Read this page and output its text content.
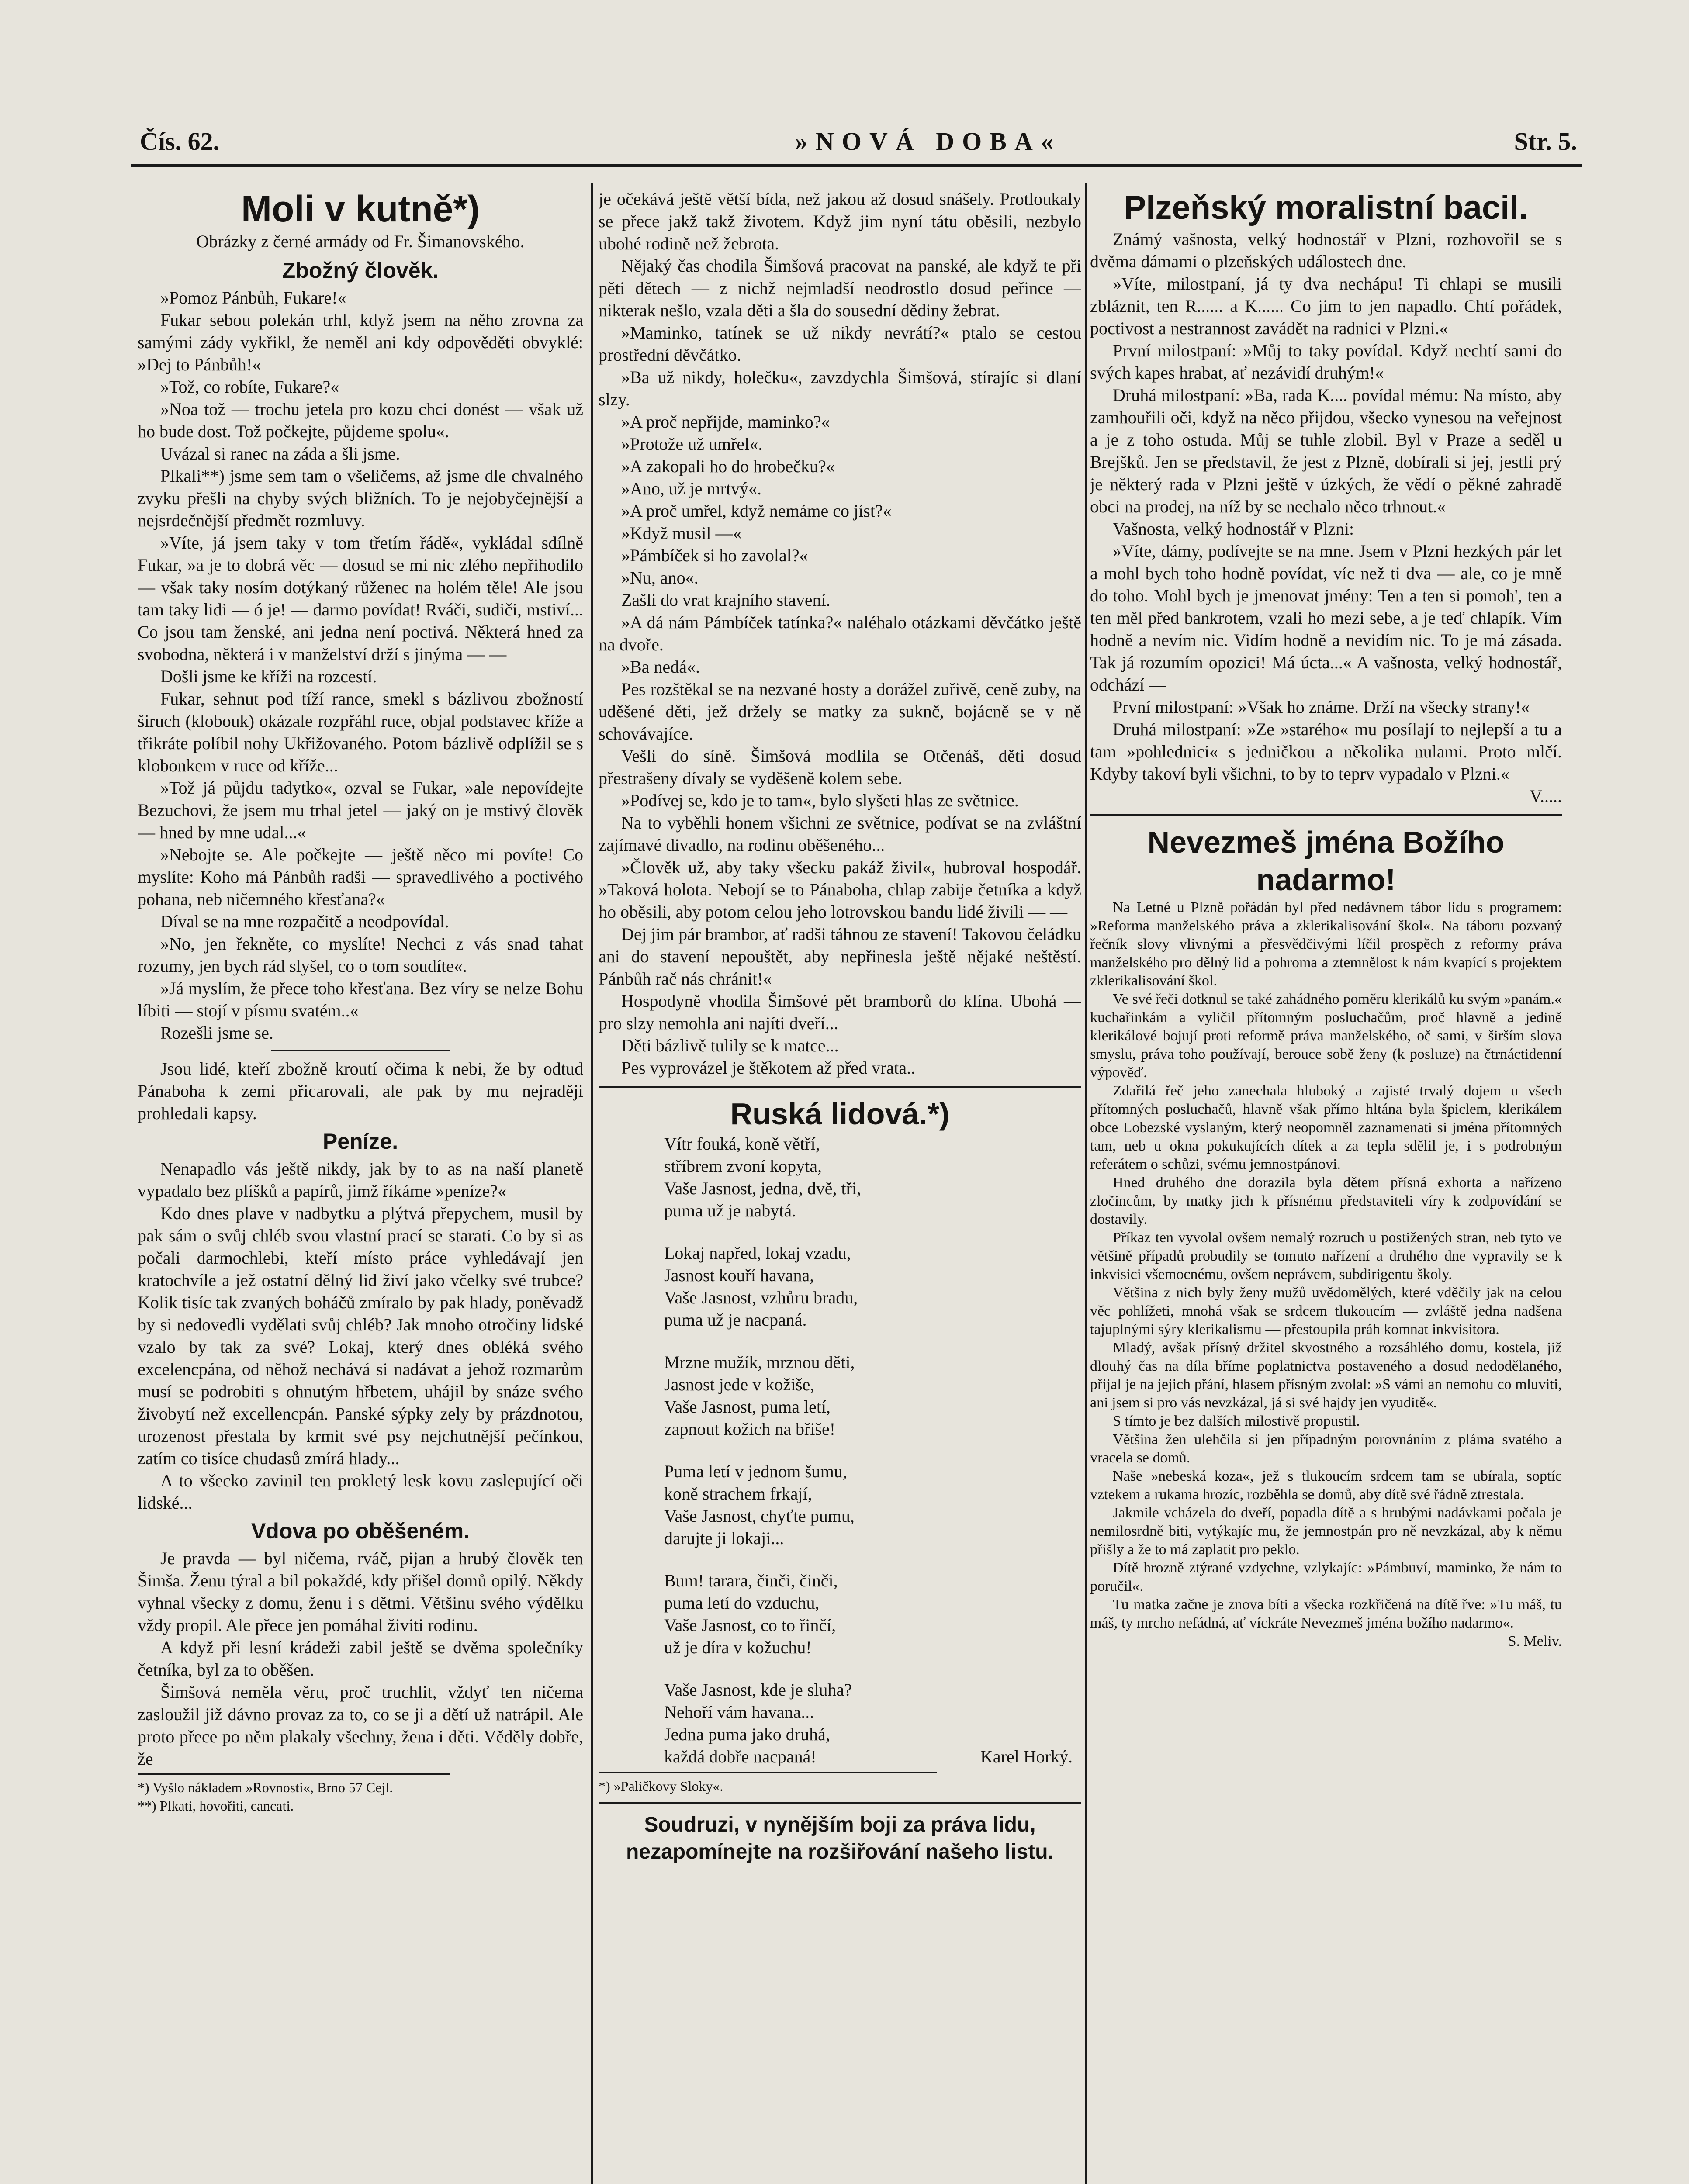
Čís. 62.	»NOVÁ DOBA«	Str. 5.
Moli v kutně*)
Obrázky z černé armády od Fr. Šimanovského.
Zbožný člověk.

»Pomoz Pánbůh, Fukare!«

Fukar sebou polekán trhl, když jsem na něho zrovna za samými zády vykřikl, že neměl ani kdy odpověděti obvyklé: »Dej to Pánbůh!«

»Tož, co robíte, Fukare?«

»Noa tož — trochu jetela pro kozu chci donést — však už ho bude dost. Tož počkejte, půjdeme spolu«.

Uvázal si ranec na záda a šli jsme.

Plkali**) jsme sem tam o všeličems, až jsme dle chvalného zvyku přešli na chyby svých bližních. To je nejobyčejnější a nejsrdečnější předmět rozmluvy.

»Víte, já jsem taky v tom třetím řádě«, vykládal sdílně Fukar, »a je to dobrá věc — dosud se mi nic zlého nepřihodilo — však taky nosím dotýkaný růženec na holém těle! Ale jsou tam taky lidi — ó je! — darmo povídat! Rváči, sudiči, mstiví... Co jsou tam ženské, ani jedna není poctivá. Některá hned za svobodna, některá i v manželství drží s jinýma — —

Došli jsme ke kříži na rozcestí.

Fukar, sehnut pod tíží rance, smekl s bázlivou zbožností širuch (klobouk) okázale rozpřáhl ruce, objal podstavec kříže a třikráte políbil nohy Ukřižovaného. Potom bázlivě odplížil se s klobonkem v ruce od kříže...

»Tož já půjdu tadytko«, ozval se Fukar, »ale nepovídejte Bezuchovi, že jsem mu trhal jetel — jaký on je mstivý člověk — hned by mne udal...«

»Nebojte se. Ale počkejte — ještě něco mi povíte! Co myslíte: Koho má Pánbůh radši — spravedlivého a poctivého pohana, neb ničemného křesťana?«

Díval se na mne rozpačitě a neodpovídal.

»No, jen řekněte, co myslíte! Nechci z vás snad tahat rozumy, jen bych rád slyšel, co o tom soudíte«.

»Já myslím, že přece toho křesťana. Bez víry se nelze Bohu líbiti — stojí v písmu svatém..«

Rozešli jsme se.

Jsou lidé, kteří zbožně kroutí očima k nebi, že by odtud Pánaboha k zemi přicarovali, ale pak by mu nejraději prohledali kapsy.

Peníze.

Nenapadlo vás ještě nikdy, jak by to as na naší planetě vypadalo bez plíšků a papírů, jimž říkáme »peníze?«

Kdo dnes plave v nadbytku a plýtvá přepychem, musil by pak sám o svůj chléb svou vlastní prací se starati. Co by si as počali darmochlebi, kteří místo práce vyhledávají jen kratochvíle a jež ostatní dělný lid živí jako včelky své trubce? Kolik tisíc tak zvaných boháčů zmíralo by pak hlady, poněvadž by si nedovedli vydělati svůj chléb? Jak mnoho otročiny lidské vzalo by tak za své? Lokaj, který dnes obléká svého excelencpána, od něhož nechává si nadávat a jehož rozmarům musí se podrobiti s ohnutým hřbetem, uhájil by snáze svého živobytí než excellencpán. Panské sýpky zely by prázdnotou, urozenost přestala by krmit své psy nejchutnější pečínkou, zatím co tisíce chudasů zmírá hlady...

A to všecko zavinil ten prokletý lesk kovu zaslepující oči lidské...

Vdova po oběšeném.

Je pravda — byl ničema, rváč, pijan a hrubý člověk ten Šimša. Ženu týral a bil pokaždé, kdy přišel domů opilý. Někdy vyhnal všecky z domu, ženu i s dětmi. Většinu svého výdělku vždy propil. Ale přece jen pomáhal živiti rodinu.

A když při lesní krádeži zabil ještě se dvěma společníky četníka, byl za to oběšen.

Šimšová neměla věru, proč truchlit, vždyť ten ničema zasloužil již dávno provaz za to, co se ji a dětí už natrápil. Ale proto přece po něm plakaly všechny, žena i děti. Věděly dobře, že

*) Vyšlo nákladem »Rovnosti«, Brno 57 Cejl.
**) Plkati, hovořiti, cancati.

je očekává ještě větší bída, než jakou až dosud snášely. Protloukaly se přece jakž takž životem. Když jim nyní tátu oběsili, nezbylo ubohé rodině než žebrota.

Nějaký čas chodila Šimšová pracovat na panské, ale když te při pěti dětech — z nichž nejmladší neodrostlo dosud peřince — nikterak nešlo, vzala děti a šla do sousední dědiny žebrat.

»Maminko, tatínek se už nikdy nevrátí?« ptalo se cestou prostřední děvčátko.

»Ba už nikdy, holečku«, zavzdychla Šimšová, stírajíc si dlaní slzy.

»A proč nepřijde, maminko?«

»Protože už umřel«.

»A zakopali ho do hrobečku?«

»Ano, už je mrtvý«.

»A proč umřel, když nemáme co jíst?«

»Když musil —«

»Pámbíček si ho zavolal?«

»Nu, ano«.

Zašli do vrat krajního stavení.

»A dá nám Pámbíček tatínka?« naléhalo otázkami děvčátko ještě na dvoře.

»Ba nedá«.

Pes rozštěkal se na nezvané hosty a dorážel zuřivě, ceně zuby, na uděšené děti, jež držely se matky za suknč, bojácně se v ně schovávajíce.

Vešli do síně. Šimšová modlila se Otčenáš, děti dosud přestrašeny dívaly se vyděšeně kolem sebe.

»Podívej se, kdo je to tam«, bylo slyšeti hlas ze světnice.

Na to vyběhli honem všichni ze světnice, podívat se na zvláštní zajímavé divadlo, na rodinu oběšeného...

»Člověk už, aby taky všecku pakáž živil«, hubroval hospodář. »Taková holota. Nebojí se to Pánaboha, chlap zabije četníka a když ho oběsili, aby potom celou jeho lotrovskou bandu lidé živili — —

Dej jim pár brambor, ať radši táhnou ze stavení! Takovou čeládku ani do stavení nepouštět, aby nepřinesla ještě nějaké neštěstí. Pánbůh rač nás chránit!«

Hospodyně vhodila Šimšové pět bramborů do klína. Ubohá — pro slzy nemohla ani najíti dveří...

Děti bázlivě tulily se k matce...

Pes vyprovázel je štěkotem až před vrata..

Ruská lidová.*)
Vítr fouká, koně větří,
stříbrem zvoní kopyta,
Vaše Jasnost, jedna, dvě, tři,
puma už je nabytá.
Lokaj napřed, lokaj vzadu,
Jasnost kouří havana,
Vaše Jasnost, vzhůru bradu,
puma už je nacpaná.
Mrzne mužík, mrznou děti,
Jasnost jede v kožiše,
Vaše Jasnost, puma letí,
zapnout kožich na břiše!
Puma letí v jednom šumu,
koně strachem frkají,
Vaše Jasnost, chyťte pumu,
darujte ji lokaji...
Bum! tarara, činči, činči,
puma letí do vzduchu,
Vaše Jasnost, co to řinčí,
už je díra v kožuchu!
Vaše Jasnost, kde je sluha?
Nehoří vám havana...
Jedna puma jako druhá,
každá dobře nacpaná!	Karel Horký.
*) »Paličkovy Sloky«.
Soudruzi, v nynějším boji za práva lidu, nezapomínejte na rozšiřování našeho listu.
Plzeňský moralistní bacil.

Známý vašnosta, velký hodnostář v Plzni, rozhovořil se s dvěma dámami o plzeňských událostech dne.

»Víte, milostpaní, já ty dva nechápu! Ti chlapi se musili zbláznit, ten R...... a K...... Co jim to jen napadlo. Chtí pořádek, poctivost a nestrannost zavádět na radnici v Plzni.«

První milostpaní: »Můj to taky povídal. Když nechtí sami do svých kapes hrabat, ať nezávidí druhým!«

Druhá milostpaní: »Ba, rada K.... povídal mému: Na místo, aby zamhouřili oči, když na něco přijdou, všecko vynesou na veřejnost a je z toho ostuda. Můj se tuhle zlobil. Byl v Praze a seděl u Brejšků. Jen se představil, že jest z Plzně, dobírali si jej, jestli prý je některý rada v Plzni ještě v úzkých, že vědí o pěkné zahradě obci na prodej, na níž by se nechalo něco trhnout.«

Vašnosta, velký hodnostář v Plzni:

»Víte, dámy, podívejte se na mne. Jsem v Plzni hezkých pár let a mohl bych toho hodně povídat, víc než ti dva — ale, co je mně do toho. Mohl bych je jmenovat jmény: Ten a ten si pomoh', ten a ten měl před bankrotem, vzali ho mezi sebe, a je teď chlapík. Vím hodně a nevím nic. Vidím hodně a nevidím nic. To je má zásada. Tak já rozumím opozici! Má úcta...« A vašnosta, velký hodnostář, odchází —

První milostpaní: »Však ho známe. Drží na všecky strany!«

Druhá milostpaní: »Ze »starého« mu posílají to nejlepší a tu a tam »pohlednici« s jedničkou a několika nulami. Proto mlčí. Kdyby takoví byli všichni, to by to teprv vypadalo v Plzni.«

V.....

Nevezmeš jména Božího nadarmo!

Na Letné u Plzně pořádán byl před nedávnem tábor lidu s programem: »Reforma manželského práva a zklerikalisování škol«. Na táboru pozvaný řečník slovy vlivnými a přesvědčivými líčil prospěch z reformy práva manželského pro dělný lid a pohroma a ztemnělost k nám kvapící s projektem zklerikalisování škol.

Ve své řeči dotknul se také zahádného poměru klerikálů ku svým »panám.« kuchařinkám a vyličil přítomným posluchačům, proč hlavně a jedině klerikálové bojují proti reformě práva manželského, oč sami, v širším slova smyslu, práva toho používají, berouce sobě ženy (k posluze) na čtrnáctidenní výpověď.

Zdařilá řeč jeho zanechala hluboký a zajisté trvalý dojem u všech přítomných posluchačů, hlavně však přímo hltána byla špiclem, klerikálem obce Lobezské vyslaným, který neopomněl zaznamenati si jména přítomných tam, neb u okna pokukujících dítek a za tepla sdělil je, i s podrobným referátem o schůzi, svému jemnostpánovi.

Hned druhého dne dorazila byla dětem přísná exhorta a nařízeno zločincům, by matky jich k přísnému představiteli víry k zodpovídání se dostavily.

Příkaz ten vyvolal ovšem nemalý rozruch u postižených stran, neb tyto ve většině případů probudily se tomuto nařízení a druhého dne vypravily se k inkvisici všemocnému, ovšem neprávem, subdirigentu školy.

Většina z nich byly ženy mužů uvědomělých, které vděčily jak na celou věc pohlížeti, mnohá však se srdcem tlukoucím — zvláště jedna nadšena tajuplnými sýry klerikalismu — přestoupila práh komnat inkvisitora.

Mladý, avšak přísný držitel skvostného a rozsáhlého domu, kostela, již dlouhý čas na díla bříme poplatnictva postaveného a dosud nedodělaného, přijal je na jejich přání, hlasem přísným zvolal: »S vámi an nemohu co mluviti, ani jsem si pro vás nevzkázal, já si své hajdy jen vyuditě«.

S tímto je bez dalších milostivě propustil.

Většina žen ulehčila si jen případným porovnáním z pláma svatého a vracela se domů.

Naše »nebeská koza«, jež s tlukoucím srdcem tam se ubírala, soptíc vztekem a rukama hrozíc, rozběhla se domů, aby dítě své řádně ztrestala.

Jakmile vcházela do dveří, popadla dítě a s hrubými nadávkami počala je nemilosrdně biti, vytýkajíc mu, že jemnostpán pro ně nevzkázal, aby k němu přišly a že to má zaplatit pro peklo.

Dítě hrozně ztýrané vzdychne, vzlykajíc: »Pámbuví, maminko, že nám to poručil«.

Tu matka začne je znova bíti a všecka rozkřičená na dítě řve: »Tu máš, tu máš, ty mrcho nefádná, ať víckráte Nevezmeš jména božího nadarmo«.

S. Meliv.
